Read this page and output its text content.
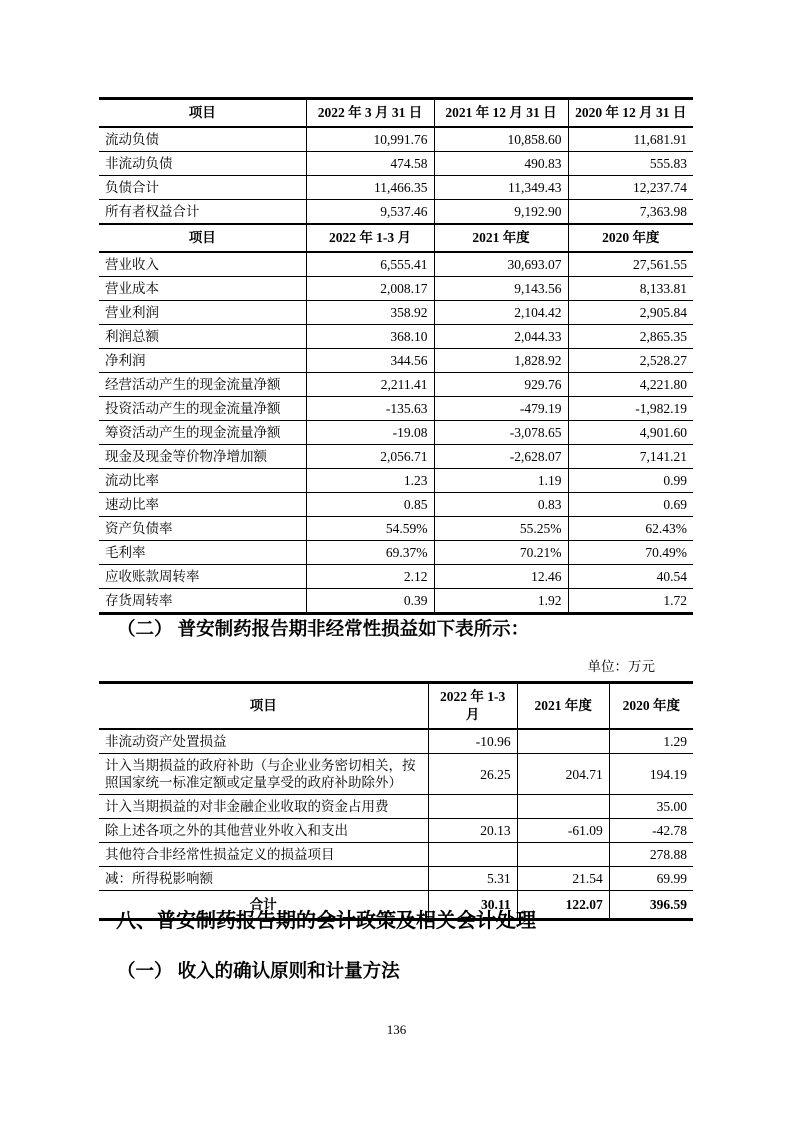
项目	2022 年 3 月 31 日	2021 年 12 月 31 日	2020 年 12 月 31 日
流动负债	10,991.76	10,858.60	11,681.91
非流动负债	474.58	490.83	555.83
负债合计	11,466.35	11,349.43	12,237.74
所有者权益合计	9,537.46	9,192.90	7,363.98
项目	2022 年 1-3 月	2021 年度	2020 年度
营业收入	6,555.41	30,693.07	27,561.55
营业成本	2,008.17	9,143.56	8,133.81
营业利润	358.92	2,104.42	2,905.84
利润总额	368.10	2,044.33	2,865.35
净利润	344.56	1,828.92	2,528.27
经营活动产生的现金流量净额	2,211.41	929.76	4,221.80
投资活动产生的现金流量净额	-135.63	-479.19	-1,982.19
筹资活动产生的现金流量净额	-19.08	-3,078.65	4,901.60
现金及现金等价物净增加额	2,056.71	-2,628.07	7,141.21
流动比率	1.23	1.19	0.99
速动比率	0.85	0.83	0.69
资产负债率	54.59%	55.25%	62.43%
毛利率	69.37%	70.21%	70.49%
应收账款周转率	2.12	12.46	40.54
存货周转率	0.39	1.92	1.72
（二） 普安制药报告期非经常性损益如下表所示：
单位：万元
项目	2022 年 1-3 月	2021 年度	2020 年度
非流动资产处置损益	-10.96		1.29
计入当期损益的政府补助（与企业业务密切相关，按照国家统一标准定额或定量享受的政府补助除外）	26.25	204.71	194.19
计入当期损益的对非金融企业收取的资金占用费			35.00
除上述各项之外的其他营业外收入和支出	20.13	-61.09	-42.78
其他符合非经常性损益定义的损益项目			278.88
减：所得税影响额	5.31	21.54	69.99
合计	30.11	122.07	396.59
八、普安制药报告期的会计政策及相关会计处理
（一） 收入的确认原则和计量方法
136
